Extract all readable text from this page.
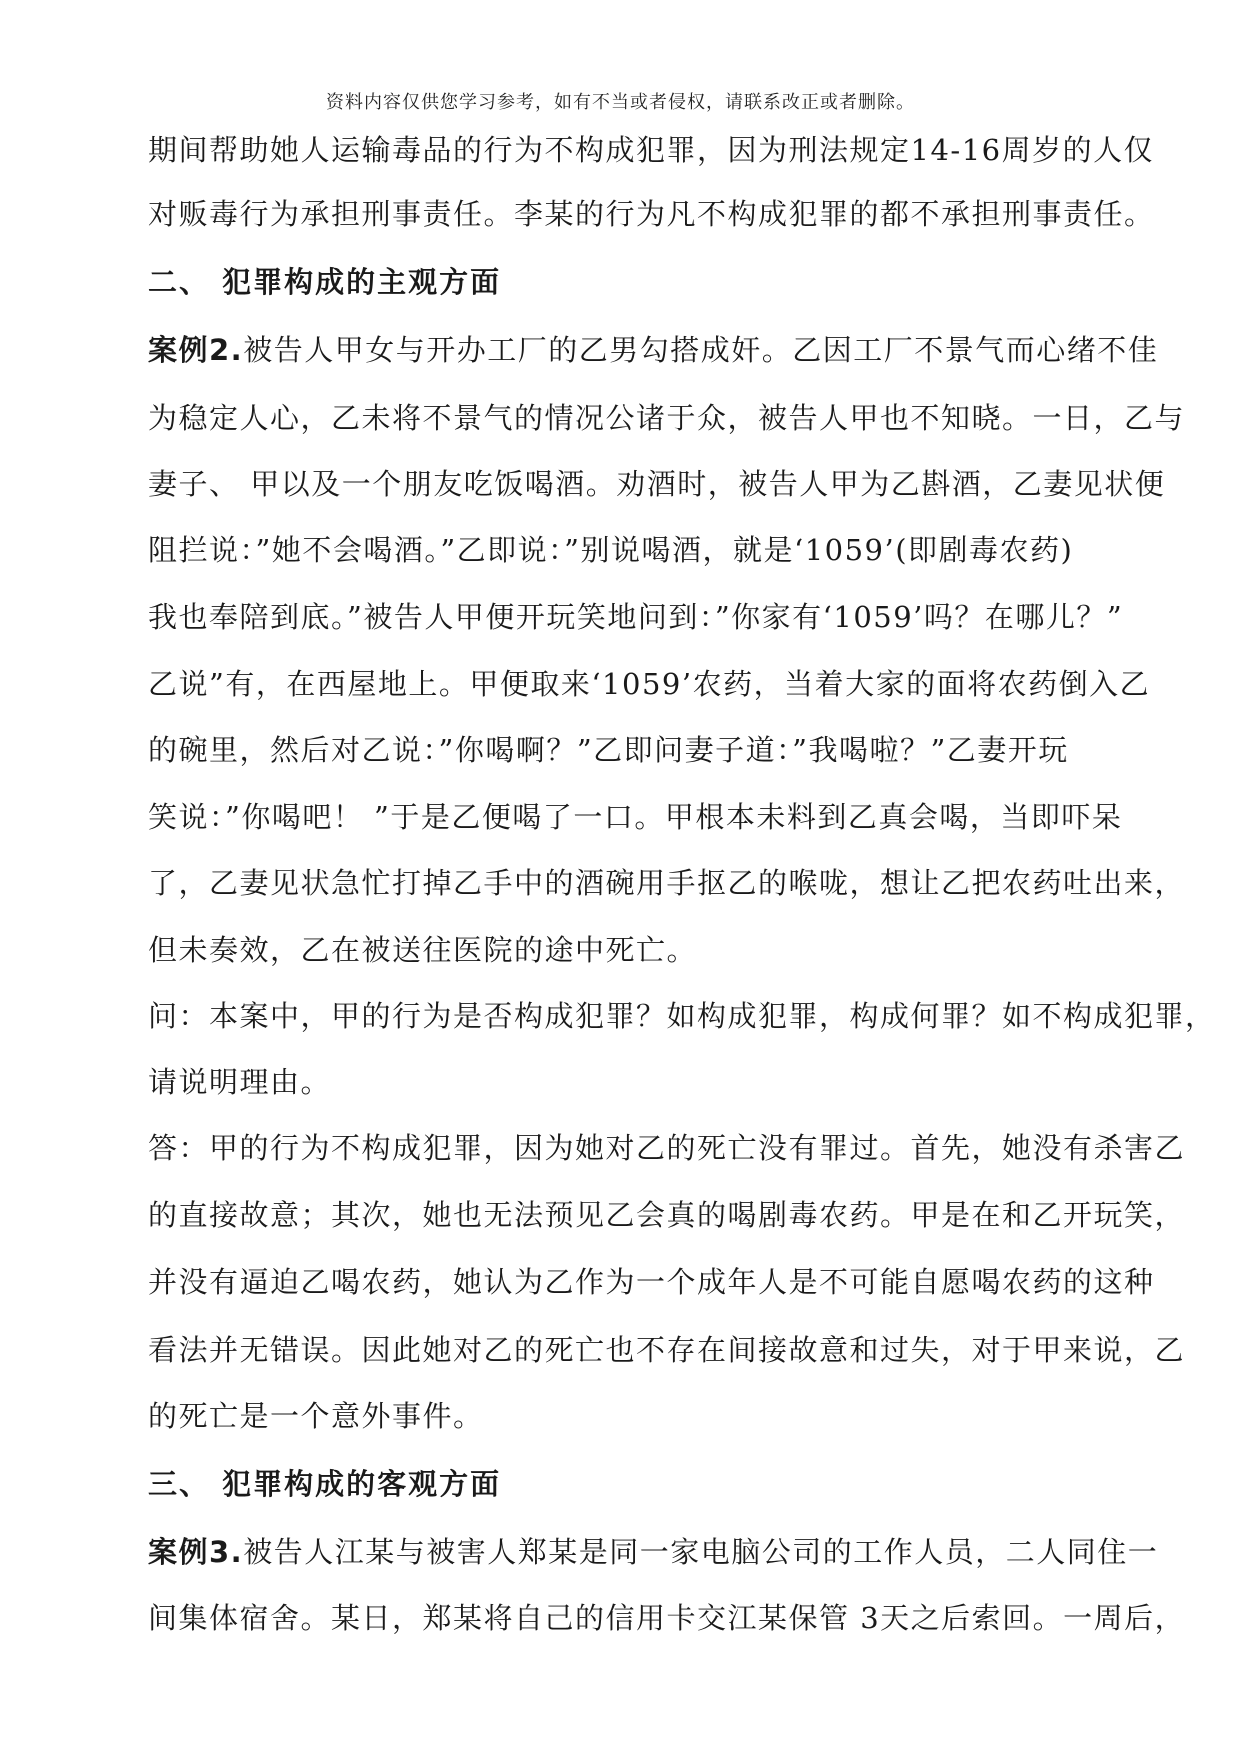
资料内容仅供您学习参考，如有不当或者侵权，请联系改正或者删除。
期间帮助她人运输毒品的行为不构成犯罪，因为刑法规定14-16周岁的人仅
对贩毒行为承担刑事责任。李某的行为凡不构成犯罪的都不承担刑事责任。
二、 犯罪构成的主观方面
案例2.被告人甲女与开办工厂的乙男勾搭成奸。乙因工厂不景气而心绪不佳
为稳定人心，乙未将不景气的情况公诸于众，被告人甲也不知晓。一日，乙与
妻子、 甲以及一个朋友吃饭喝酒。劝酒时，被告人甲为乙斟酒，乙妻见状便
阻拦说：”她不会喝酒。”乙即说：”别说喝酒，就是‘1059’(即剧毒农药)
我也奉陪到底。”被告人甲便开玩笑地问到：”你家有‘1059’吗？在哪儿？”
乙说”有，在西屋地上。甲便取来‘1059’农药，当着大家的面将农药倒入乙
的碗里，然后对乙说：”你喝啊？”乙即问妻子道：”我喝啦？”乙妻开玩
笑说：”你喝吧！ ”于是乙便喝了一口。甲根本未料到乙真会喝，当即吓呆
了，乙妻见状急忙打掉乙手中的酒碗用手抠乙的喉咙，想让乙把农药吐出来，
但未奏效，乙在被送往医院的途中死亡。
问：本案中，甲的行为是否构成犯罪？如构成犯罪，构成何罪？如不构成犯罪，
请说明理由。
答：甲的行为不构成犯罪，因为她对乙的死亡没有罪过。首先，她没有杀害乙
的直接故意；其次，她也无法预见乙会真的喝剧毒农药。甲是在和乙开玩笑，
并没有逼迫乙喝农药，她认为乙作为一个成年人是不可能自愿喝农药的这种
看法并无错误。因此她对乙的死亡也不存在间接故意和过失，对于甲来说，乙
的死亡是一个意外事件。
三、 犯罪构成的客观方面
案例3.被告人江某与被害人郑某是同一家电脑公司的工作人员，二人同住一
间集体宿舍。某日，郑某将自己的信用卡交江某保管 3天之后索回。一周后，
